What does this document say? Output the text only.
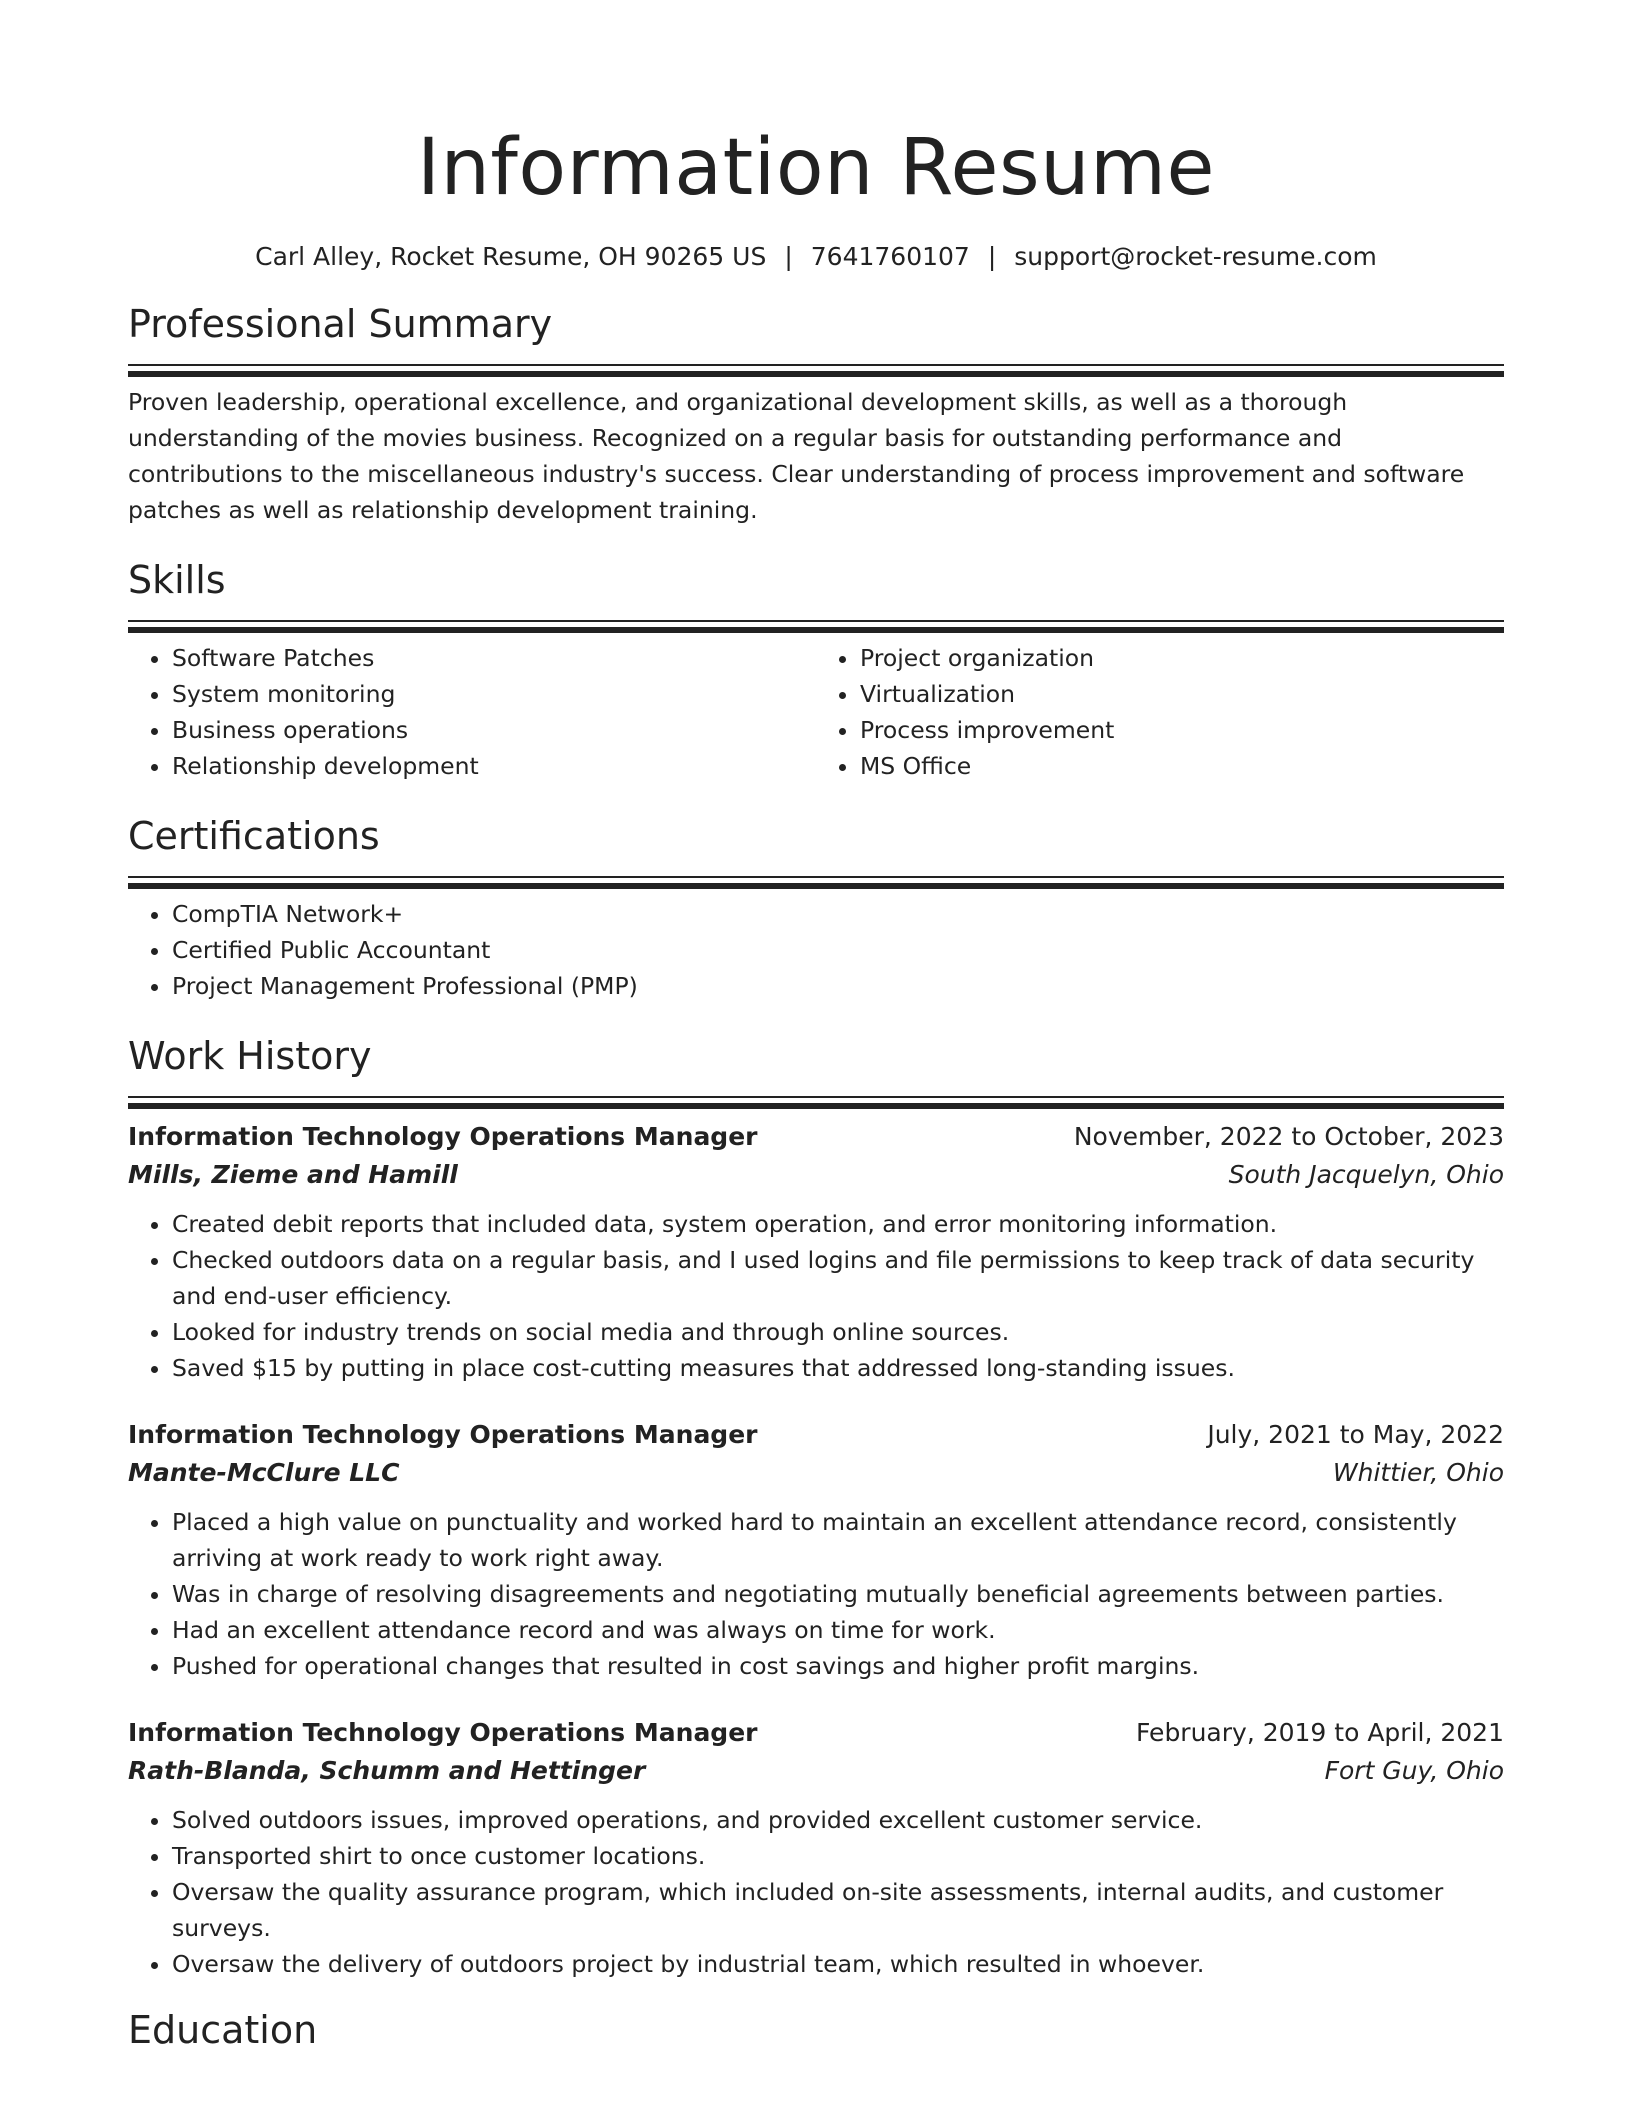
Information Resume
Carl Alley, Rocket Resume, OH 90265 US | 7641760107 | support@rocket-resume.com
Professional Summary

Proven leadership, operational excellence, and organizational development skills, as well as a thorough understanding of the movies business. Recognized on a regular basis for outstanding performance and contributions to the miscellaneous industry's success. Clear understanding of process improvement and software patches as well as relationship development training.

Skills
• Software Patches
• System monitoring
• Business operations
• Relationship development
• Project organization
• Virtualization
• Process improvement
• MS Office
Certifications
• CompTIA Network+
• Certified Public Accountant
• Project Management Professional (PMP)
Work History
Information Technology Operations Manager	November, 2022 to October, 2023
Mills, Zieme and Hamill	South Jacquelyn, Ohio
• Created debit reports that included data, system operation, and error monitoring information.
• Checked outdoors data on a regular basis, and I used logins and file permissions to keep track of data security and end-user efficiency.
• Looked for industry trends on social media and through online sources.
• Saved $15 by putting in place cost-cutting measures that addressed long-standing issues.
Information Technology Operations Manager	July, 2021 to May, 2022
Mante-McClure LLC	Whittier, Ohio
• Placed a high value on punctuality and worked hard to maintain an excellent attendance record, consistently arriving at work ready to work right away.
• Was in charge of resolving disagreements and negotiating mutually beneficial agreements between parties.
• Had an excellent attendance record and was always on time for work.
• Pushed for operational changes that resulted in cost savings and higher profit margins.
Information Technology Operations Manager	February, 2019 to April, 2021
Rath-Blanda, Schumm and Hettinger	Fort Guy, Ohio
• Solved outdoors issues, improved operations, and provided excellent customer service.
• Transported shirt to once customer locations.
• Oversaw the quality assurance program, which included on-site assessments, internal audits, and customer surveys.
• Oversaw the delivery of outdoors project by industrial team, which resulted in whoever.
Education
